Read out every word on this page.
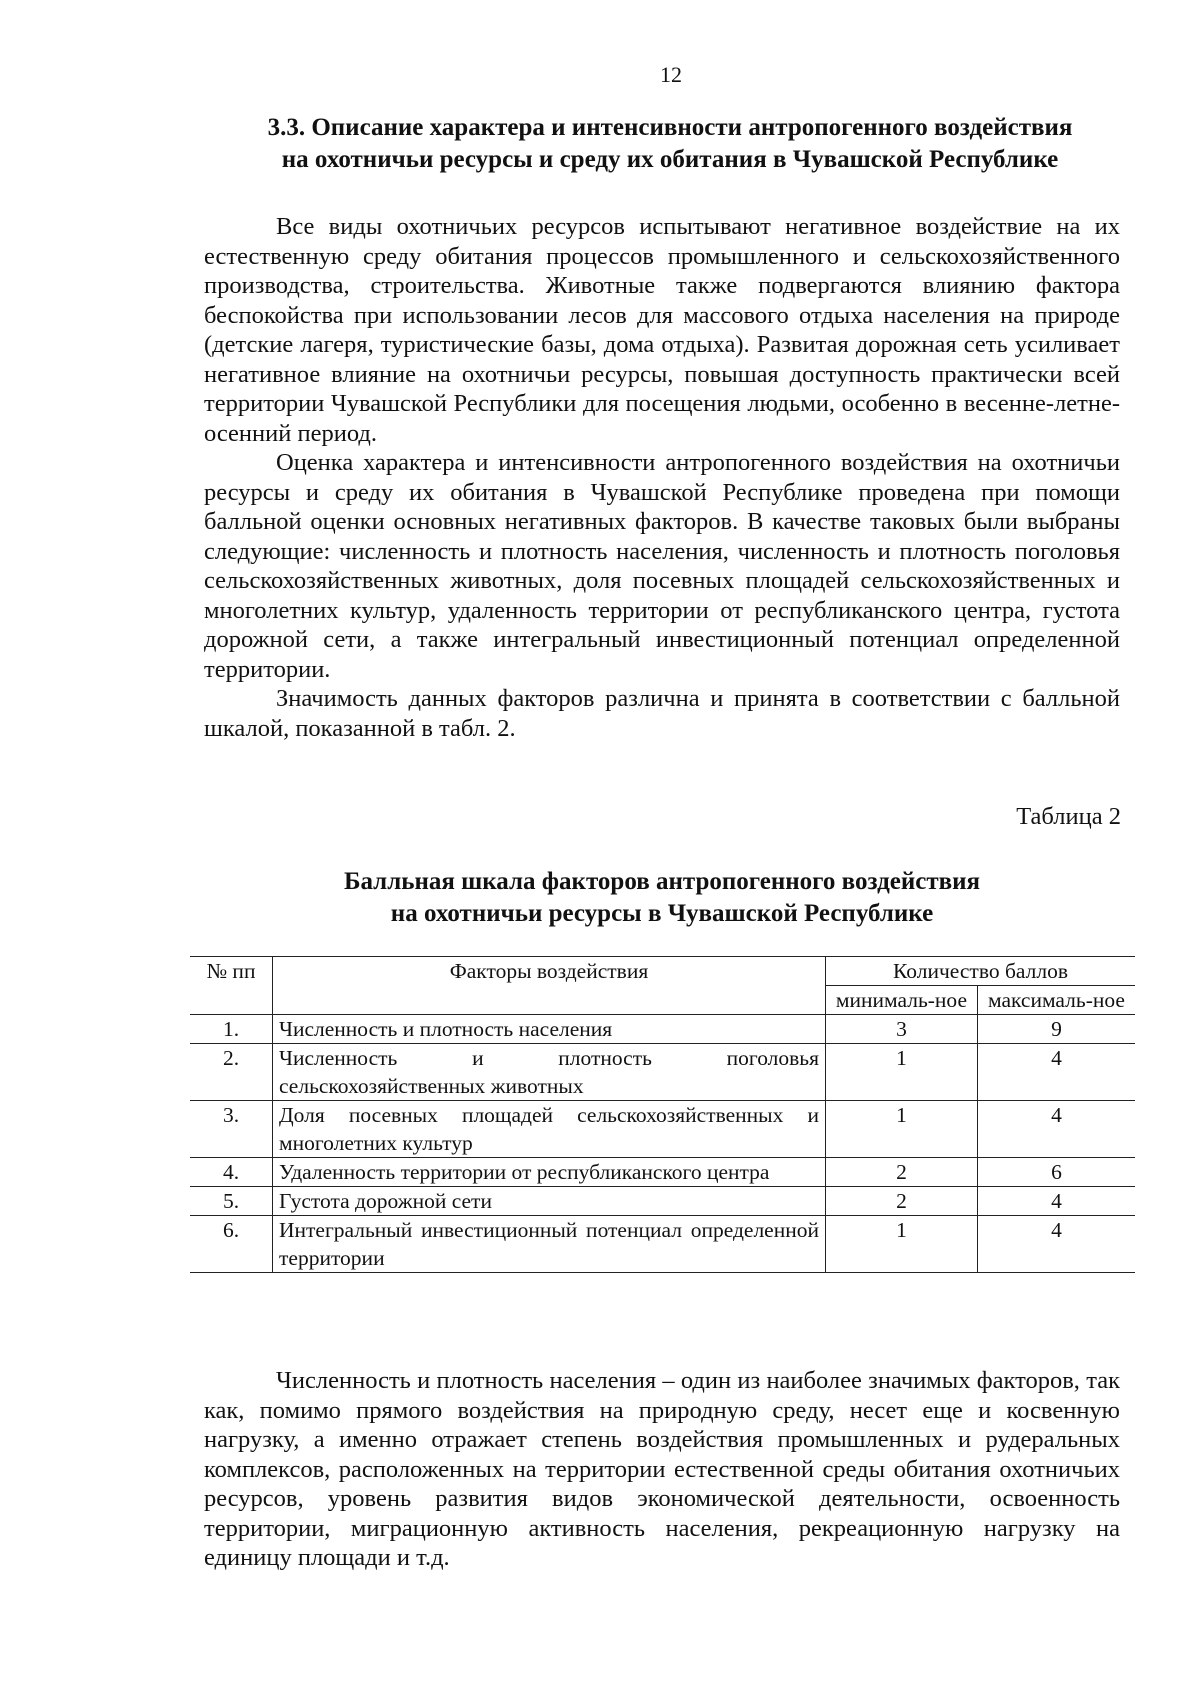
12
3.3. Описание характера и интенсивности антропогенного воздействия
на охотничьи ресурсы и среду их обитания в Чувашской Республике

Все виды охотничьих ресурсов испытывают негативное воздействие на их естественную среду обитания процессов промышленного и сельскохозяйственного производства, строительства. Животные также подвергаются влиянию фактора беспокойства при использовании лесов для массового отдыха населения на природе (детские лагеря, туристические базы, дома отдыха). Развитая дорожная сеть усиливает негативное влияние на охотничьи ресурсы, повышая доступность практически всей территории Чувашской Республики для посещения людьми, особенно в весенне-летне-осенний период.

Оценка характера и интенсивности антропогенного воздействия на охотничьи ресурсы и среду их обитания в Чувашской Республике проведена при помощи балльной оценки основных негативных факторов. В качестве таковых были выбраны следующие: численность и плотность населения, численность и плотность поголовья сельскохозяйственных животных, доля посевных площадей сельскохозяйственных и многолетних культур, удаленность территории от республиканского центра, густота дорожной сети, а также интегральный инвестиционный потенциал определенной территории.

Значимость данных факторов различна и принята в соответствии с балльной шкалой, показанной в табл. 2.

Таблица 2
Балльная шкала факторов антропогенного воздействия
на охотничьи ресурсы в Чувашской Республике
№ пп	Факторы воздействия	Количество баллов	
		минималь-ное	максималь-ное
1.	Численность и плотность населения	3	9
2.	Численность и плотность поголовья сельскохозяйственных животных	1	4
3.	Доля посевных площадей сельскохозяйственных и многолетних культур	1	4
4.	Удаленность территории от республиканского центра	2	6
5.	Густота дорожной сети	2	4
6.	Интегральный инвестиционный потенциал определенной территории	1	4

Численность и плотность населения – один из наиболее значимых факторов, так как, помимо прямого воздействия на природную среду, несет еще и косвенную нагрузку, а именно отражает степень воздействия промышленных и рудеральных комплексов, расположенных на территории естественной среды обитания охотничьих ресурсов, уровень развития видов экономической деятельности, освоенность территории, миграционную активность населения, рекреационную нагрузку на единицу площади и т.д.
